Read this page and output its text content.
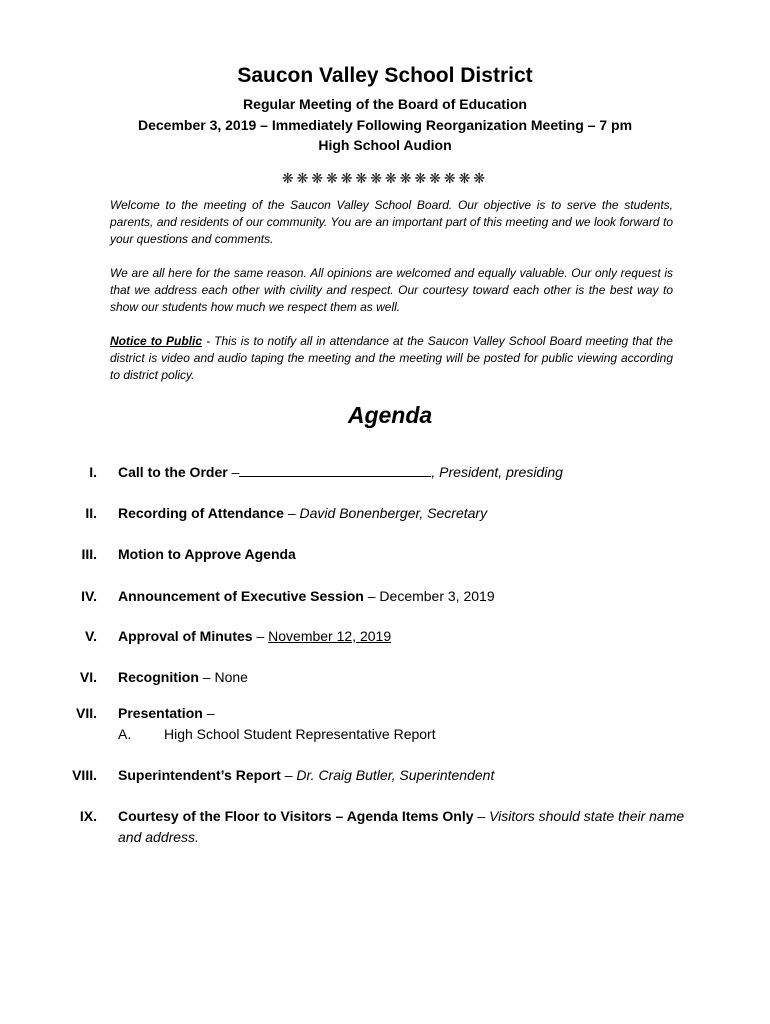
Saucon Valley School District
Regular Meeting of the Board of Education
December 3, 2019 – Immediately Following Reorganization Meeting – 7 pm
High School Audion
❋❋❋❋❋❋❋❋❋❋❋❋❋❋

Welcome to the meeting of the Saucon Valley School Board. Our objective is to serve the students, parents, and residents of our community. You are an important part of this meeting and we look forward to your questions and comments.

We are all here for the same reason. All opinions are welcomed and equally valuable. Our only request is that we address each other with civility and respect. Our courtesy toward each other is the best way to show our students how much we respect them as well.

Notice to Public - This is to notify all in attendance at the Saucon Valley School Board meeting that the district is video and audio taping the meeting and the meeting will be posted for public viewing according to district policy.

Agenda
I. Call to the Order –	, President, presiding
II. Recording of Attendance – David Bonenberger, Secretary
III. Motion to Approve Agenda
IV. Announcement of Executive Session – December 3, 2019
V. Approval of Minutes – November 12, 2019
VI. Recognition – None
VII. Presentation –
A. High School Student Representative Report
VIII. Superintendent’s Report – Dr. Craig Butler, Superintendent
IX. Courtesy of the Floor to Visitors – Agenda Items Only – Visitors should state their name and address.
